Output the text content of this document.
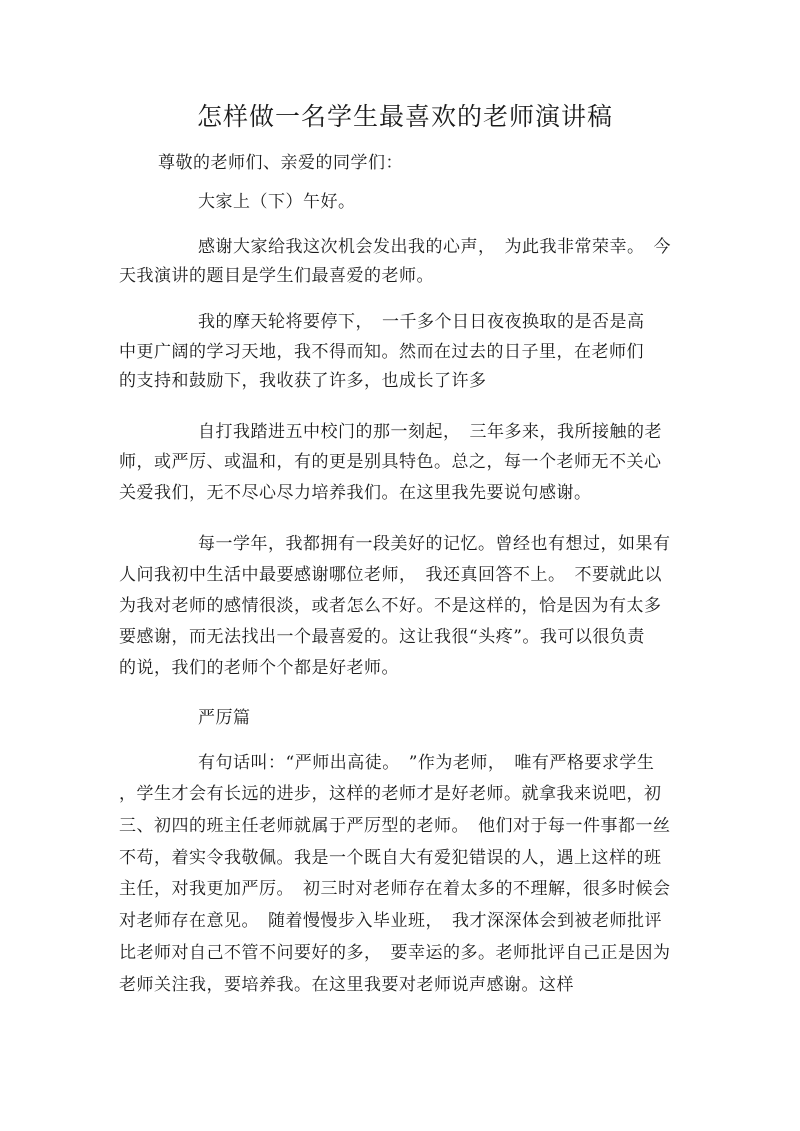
怎样做一名学生最喜欢的老师演讲稿
尊敬的老师们、亲爱的同学们：
大家上（下）午好。
感谢大家给我这次机会发出我的心声，　为此我非常荣幸。　今
天我演讲的题目是学生们最喜爱的老师。
我的摩天轮将要停下，　一千多个日日夜夜换取的是否是高
中更广阔的学习天地，我不得而知。然而在过去的日子里，在老师们
的支持和鼓励下，我收获了许多，也成长了许多
自打我踏进五中校门的那一刻起，　三年多来，我所接触的老
师，或严厉、或温和，有的更是别具特色。总之，每一个老师无不关心
关爱我们，无不尽心尽力培养我们。在这里我先要说句感谢。
每一学年，我都拥有一段美好的记忆。曾经也有想过，如果有
人问我初中生活中最要感谢哪位老师，　我还真回答不上。　不要就此以
为我对老师的感情很淡，或者怎么不好。不是这样的，恰是因为有太多
要感谢，而无法找出一个最喜爱的。这让我很“头疼”。我可以很负责
的说，我们的老师个个都是好老师。
严厉篇
有句话叫：“严师出高徒。　”作为老师，　唯有严格要求学生
，学生才会有长远的进步，这样的老师才是好老师。就拿我来说吧，初
三、初四的班主任老师就属于严厉型的老师。　他们对于每一件事都一丝
不苟，着实令我敬佩。我是一个既自大有爱犯错误的人，遇上这样的班
主任，对我更加严厉。　初三时对老师存在着太多的不理解，很多时候会
对老师存在意见。　随着慢慢步入毕业班，　我才深深体会到被老师批评
比老师对自己不管不问要好的多，　要幸运的多。老师批评自己正是因为
老师关注我，要培养我。在这里我要对老师说声感谢。这样
